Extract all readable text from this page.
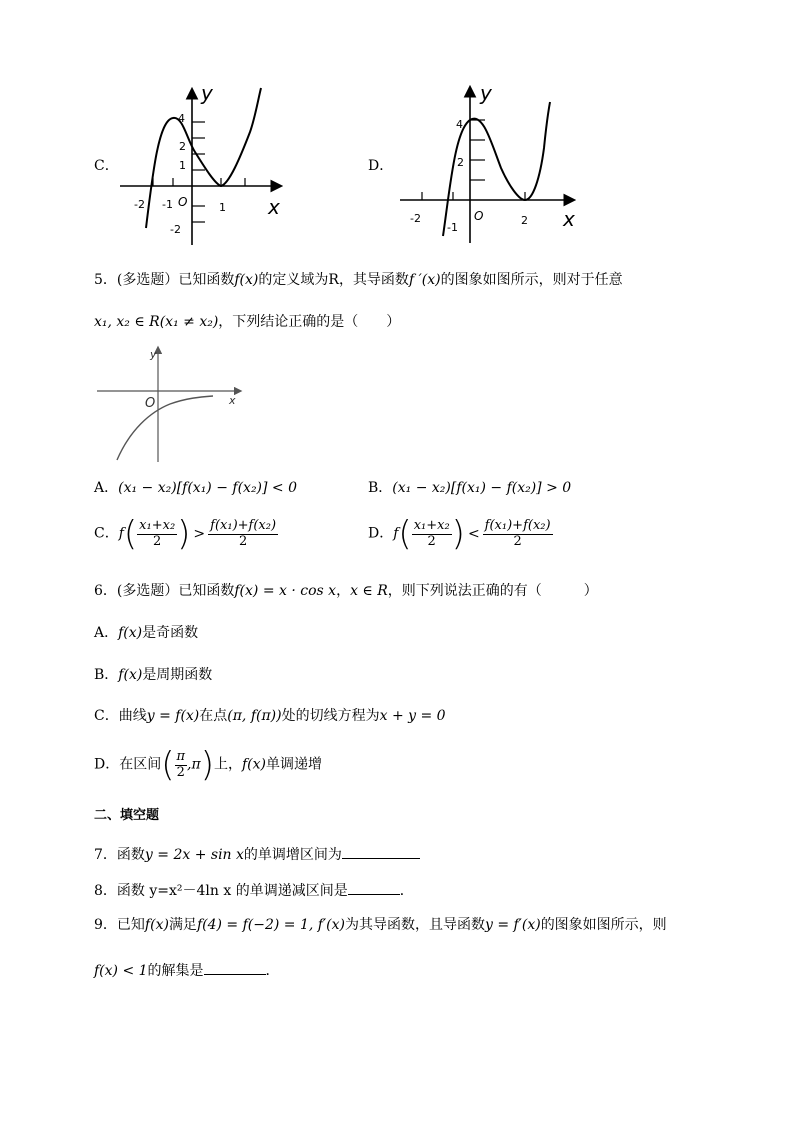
C．
y
x
4
2
1
-2 -1 O	1
-2
D．
y
x
4
2
-2
-1
O	2
5．(多选题）已知函数f(x)的定义域为R，其导函数f ′(x)的图象如图所示，则对于任意
x₁, x₂ ∈ R(x₁ ≠ x₂)，下列结论正确的是（　　）
y
x
O
A．(x₁ − x₂)[f(x₁) − f(x₂)] < 0	B．(x₁ − x₂)[f(x₁) − f(x₂)] > 0
C．$f( \frac{\text{x₁+x₂}}{2}$ ) > $\frac{\text{f(x₁)+f(x₂)}}{2}$	D．$f( \frac{\text{x₁+x₂}}{2}$ ) < $\frac{\text{f(x₁)+f(x₂)}}{2}$
6．(多选题）已知函数f(x) = x · cos x，x ∈ R，则下列说法正确的有（　　　）
A．f(x)是奇函数
B．f(x)是周期函数
C．曲线y = f(x)在点(π, f(π))处的切线方程为x + y = 0
D．在区间( $\frac{\pi}{2} ,\pi$)上，f(x)单调递增
二、填空题
7．函数y = 2x + sin x的单调增区间为
8．函数 y=x²－4ln x 的单调递减区间是	．
9．已知f(x)满足f(4) = f(−2) = 1, f′(x)为其导函数，且导函数y = f′(x)的图象如图所示，则
f(x) < 1的解集是	．
